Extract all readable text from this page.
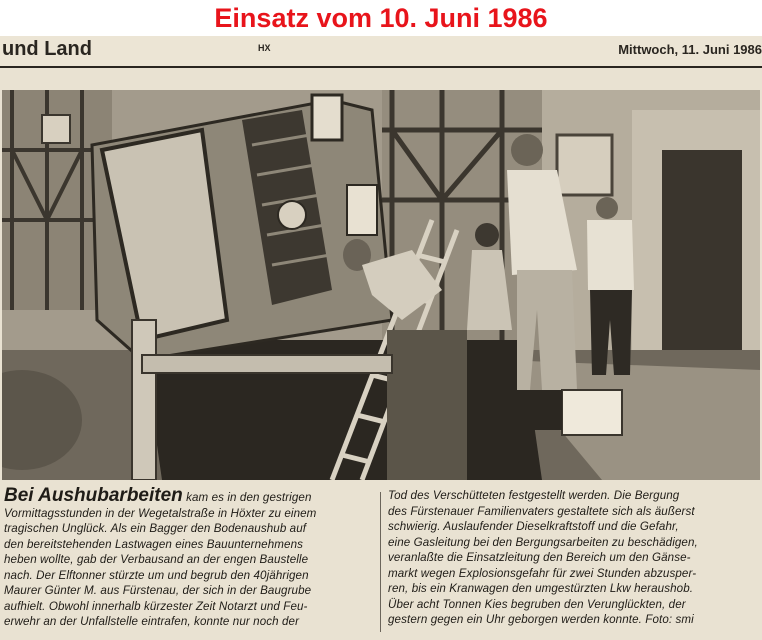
Einsatz vom 10. Juni 1986
und Land	HX	Mittwoch, 11. Juni 1986
Bei Aushubarbeiten kam es in den gestrigen
Vormittagsstunden in der Wegetalstraße in Höxter zu einem
tragischen Unglück. Als ein Bagger den Bodenaushub auf
den bereitstehenden Lastwagen eines Bauunternehmens
heben wollte, gab der Verbausand an der engen Baustelle
nach. Der Elftonner stürzte um und begrub den 40jährigen
Maurer Günter M. aus Fürstenau, der sich in der Baugrube
aufhielt. Obwohl innerhalb kürzester Zeit Notarzt und Feu-
erwehr an der Unfallstelle eintrafen, konnte nur noch der
Tod des Verschütteten festgestellt werden. Die Bergung
des Fürstenauer Familienvaters gestaltete sich als äußerst
schwierig. Auslaufender Dieselkraftstoff und die Gefahr,
eine Gasleitung bei den Bergungsarbeiten zu beschädigen,
veranlaßte die Einsatzleitung den Bereich um den Gänse-
markt wegen Explosionsgefahr für zwei Stunden abzusper-
ren, bis ein Kranwagen den umgestürzten Lkw heraushob.
Über acht Tonnen Kies begruben den Verunglückten, der
gestern gegen ein Uhr geborgen werden konnte. Foto: smi
